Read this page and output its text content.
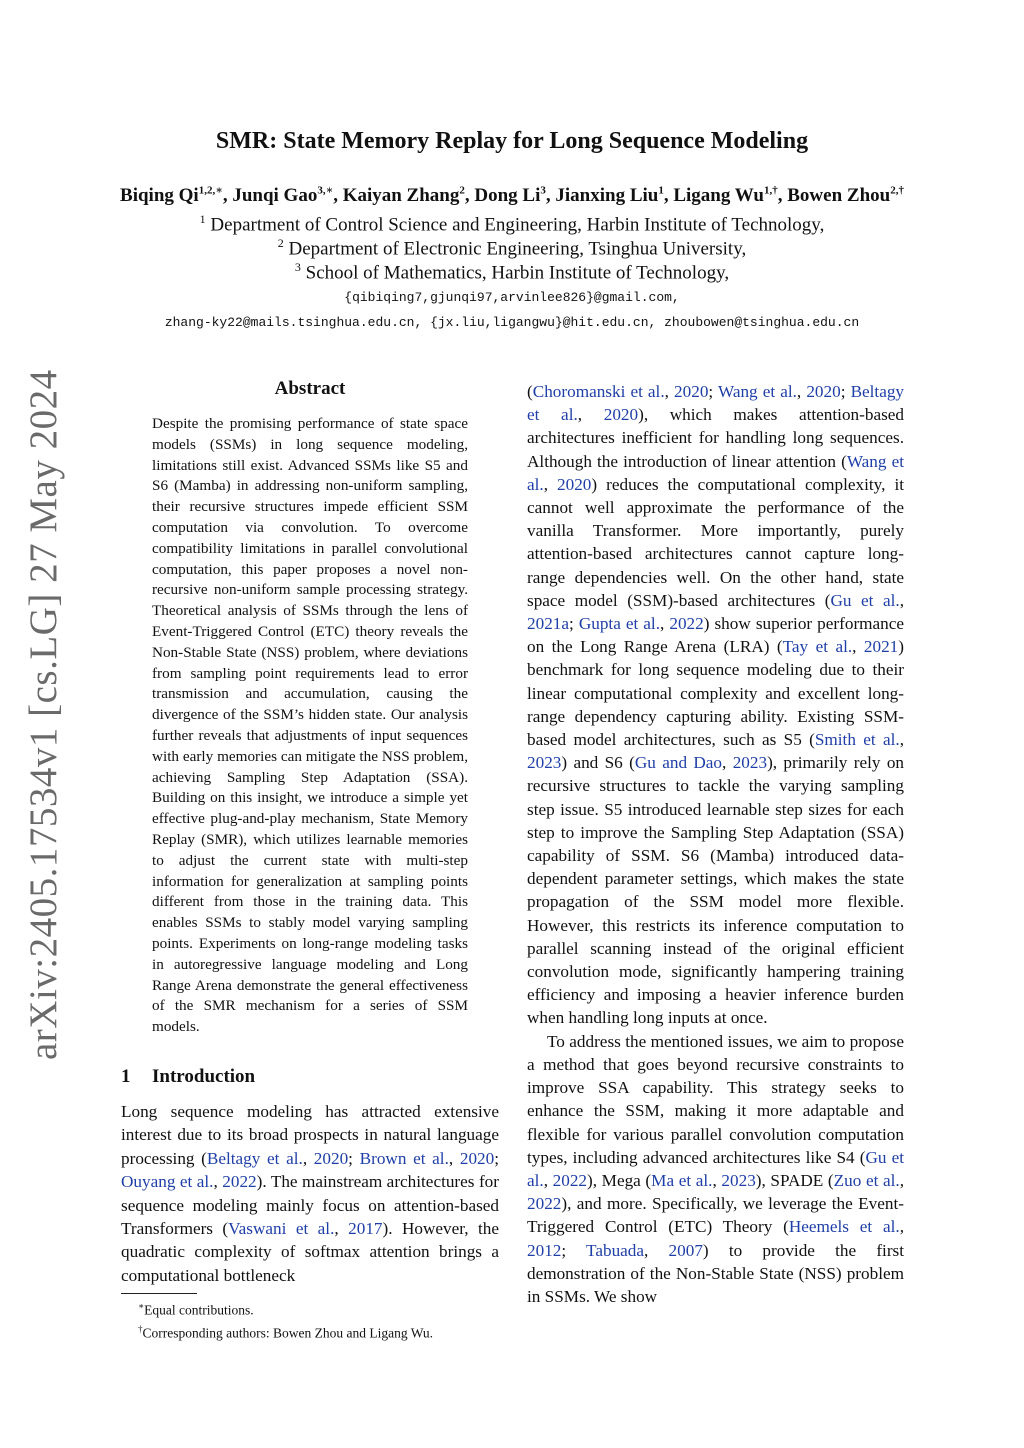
arXiv:2405.17534v1 [cs.LG] 27 May 2024
SMR: State Memory Replay for Long Sequence Modeling
Biqing $Qi^{1,2,∗}$, Junqi Gao$^{3,∗}$, Kaiyan Zhang$^2$, Dong Li$^3$, Jianxing Liu$^1$, Ligang $Wu^{1,\dagger}$, Bowen Zhou$^{2,\dagger}$
$^1$ Department of Control Science and Engineering, Harbin Institute of Technology,
$^2$ Department of Electronic Engineering, Tsinghua University,
$^3$ School of Mathematics, Harbin Institute of Technology,
{qibiqing7,gjunqi97,arvinlee826}@gmail.com,
zhang-ky22@mails.tsinghua.edu.cn, {jx.liu,ligangwu}@hit.edu.cn, zhoubowen@tsinghua.edu.cn
Abstract
Despite the promising performance of state space models (SSMs) in long sequence modeling, limitations still exist. Advanced SSMs like S5 and S6 (Mamba) in addressing non-uniform sampling, their recursive structures impede efficient SSM computation via convolution. To overcome compatibility limitations in parallel convolutional computation, this paper proposes a novel non-recursive non-uniform sample processing strategy. Theoretical analysis of SSMs through the lens of Event-Triggered Control (ETC) theory reveals the Non-Stable State (NSS) problem, where deviations from sampling point requirements lead to error transmission and accumulation, causing the divergence of the SSM’s hidden state. Our analysis further reveals that adjustments of input sequences with early memories can mitigate the NSS problem, achieving Sampling Step Adaptation (SSA). Building on this insight, we introduce a simple yet effective plug-and-play mechanism, State Memory Replay (SMR), which utilizes learnable memories to adjust the current state with multi-step information for generalization at sampling points different from those in the training data. This enables SSMs to stably model varying sampling points. Experiments on long-range modeling tasks in autoregressive language modeling and Long Range Arena demonstrate the general effectiveness of the SMR mechanism for a series of SSM models.
1 Introduction
Long sequence modeling has attracted extensive interest due to its broad prospects in natural language processing (Beltagy et al., 2020; Brown et al., 2020; Ouyang et al., 2022). The mainstream architectures for sequence modeling mainly focus on attention-based Transformers (Vaswani et al., 2017). However, the quadratic complexity of softmax attention brings a computational bottleneck
∗Equal contributions.
†Corresponding authors: Bowen Zhou and Ligang Wu.

(Choromanski et al., 2020; Wang et al., 2020; Beltagy et al., 2020), which makes attention-based architectures inefficient for handling long sequences. Although the introduction of linear attention (Wang et al., 2020) reduces the computational complexity, it cannot well approximate the performance of the vanilla Transformer. More importantly, purely attention-based architectures cannot capture long-range dependencies well. On the other hand, state space model (SSM)-based architectures (Gu et al., 2021a; Gupta et al., 2022) show superior performance on the Long Range Arena (LRA) (Tay et al., 2021) benchmark for long sequence modeling due to their linear computational complexity and excellent long-range dependency capturing ability. Existing SSM-based model architectures, such as S5 (Smith et al., 2023) and S6 (Gu and Dao, 2023), primarily rely on recursive structures to tackle the varying sampling step issue. S5 introduced learnable step sizes for each step to improve the Sampling Step Adaptation (SSA) capability of SSM. S6 (Mamba) introduced data-dependent parameter settings, which makes the state propagation of the SSM model more flexible. However, this restricts its inference computation to parallel scanning instead of the original efficient convolution mode, significantly hampering training efficiency and imposing a heavier inference burden when handling long inputs at once.

To address the mentioned issues, we aim to propose a method that goes beyond recursive constraints to improve SSA capability. This strategy seeks to enhance the SSM, making it more adaptable and flexible for various parallel convolution computation types, including advanced architectures like S4 (Gu et al., 2022), Mega (Ma et al., 2023), SPADE (Zuo et al., 2022), and more. Specifically, we leverage the Event-Triggered Control (ETC) Theory (Heemels et al., 2012; Tabuada, 2007) to provide the first demonstration of the Non-Stable State (NSS) problem in SSMs. We show
